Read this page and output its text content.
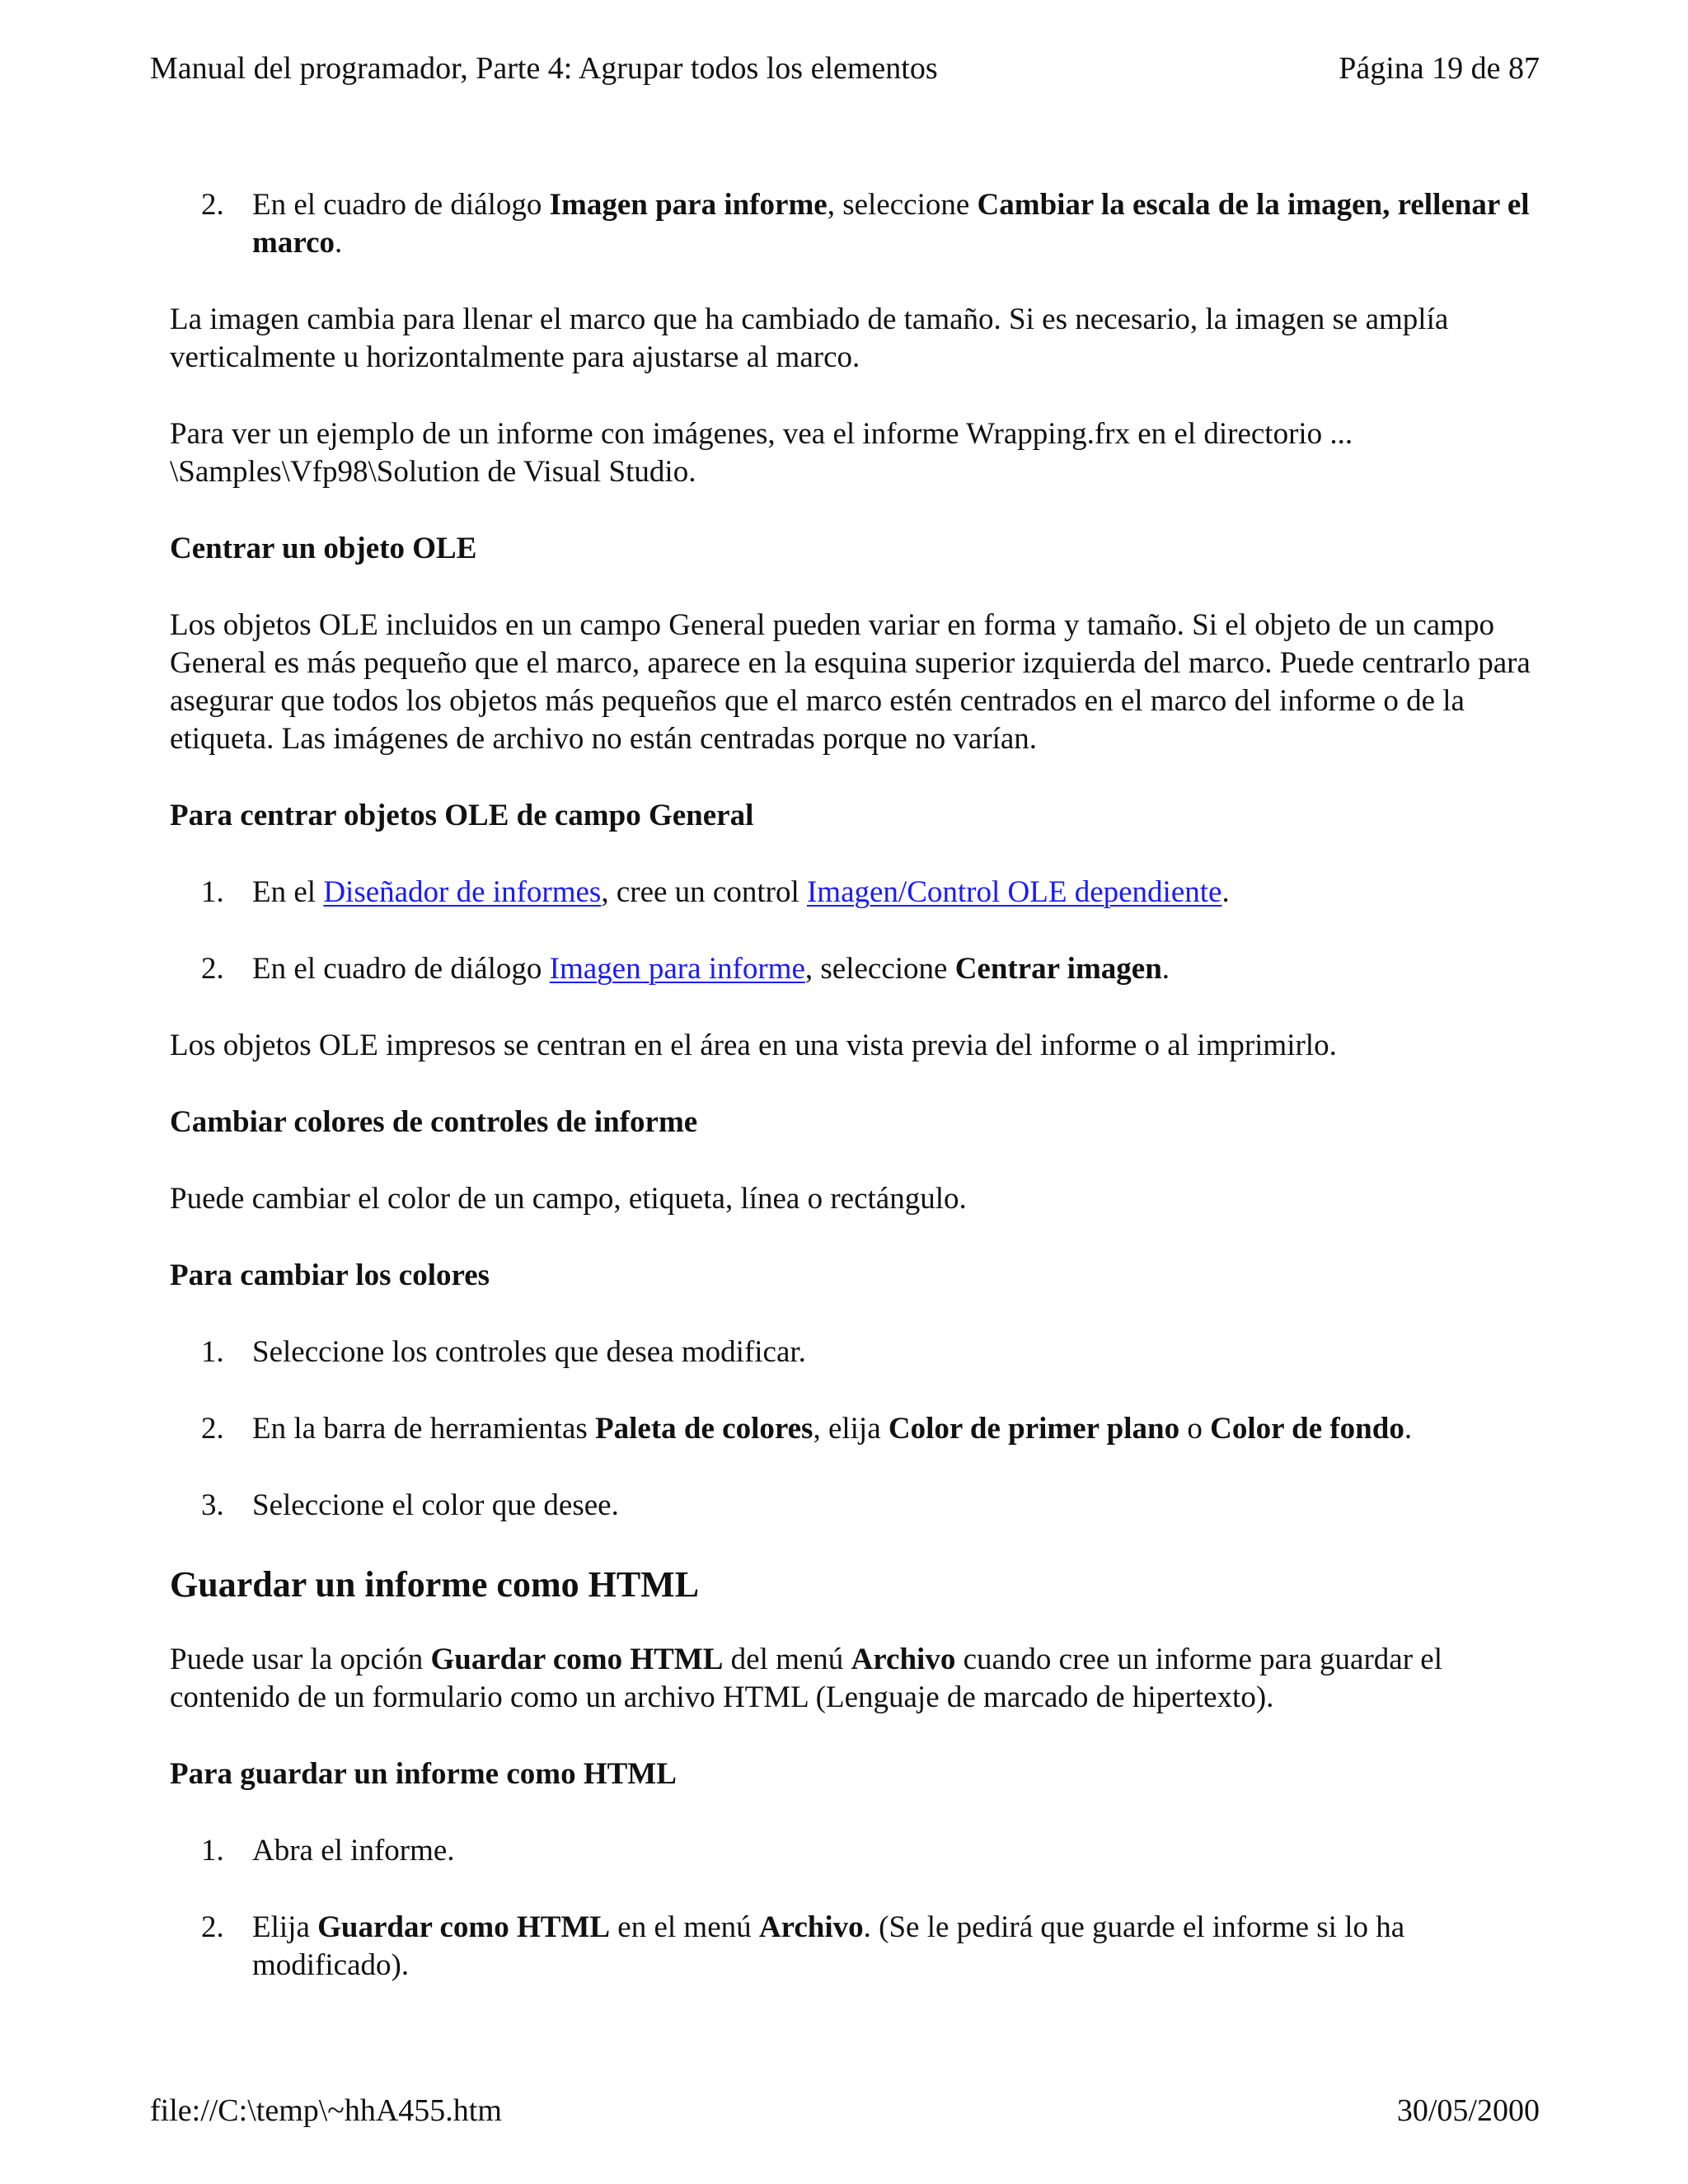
Manual del programador, Parte 4: Agrupar todos los elementos	Página 19 de 87
2. En el cuadro de diálogo Imagen para informe, seleccione Cambiar la escala de la imagen, rellenar el marco.

La imagen cambia para llenar el marco que ha cambiado de tamaño. Si es necesario, la imagen se amplía verticalmente u horizontalmente para ajustarse al marco.

Para ver un ejemplo de un informe con imágenes, vea el informe Wrapping.frx en el directorio ... \Samples\Vfp98\Solution de Visual Studio.

Centrar un objeto OLE

Los objetos OLE incluidos en un campo General pueden variar en forma y tamaño. Si el objeto de un campo General es más pequeño que el marco, aparece en la esquina superior izquierda del marco. Puede centrarlo para asegurar que todos los objetos más pequeños que el marco estén centrados en el marco del informe o de la etiqueta. Las imágenes de archivo no están centradas porque no varían.

Para centrar objetos OLE de campo General

1. En el Diseñador de informes, cree un control Imagen/Control OLE dependiente.
2. En el cuadro de diálogo Imagen para informe, seleccione Centrar imagen.

Los objetos OLE impresos se centran en el área en una vista previa del informe o al imprimirlo.

Cambiar colores de controles de informe

Puede cambiar el color de un campo, etiqueta, línea o rectángulo.

Para cambiar los colores

1. Seleccione los controles que desea modificar.
2. En la barra de herramientas Paleta de colores, elija Color de primer plano o Color de fondo.
3. Seleccione el color que desee.
Guardar un informe como HTML

Puede usar la opción Guardar como HTML del menú Archivo cuando cree un informe para guardar el contenido de un formulario como un archivo HTML (Lenguaje de marcado de hipertexto).

Para guardar un informe como HTML

1. Abra el informe.
2. Elija Guardar como HTML en el menú Archivo. (Se le pedirá que guarde el informe si lo ha modificado).
file://C:\temp\~hhA455.htm	30/05/2000
